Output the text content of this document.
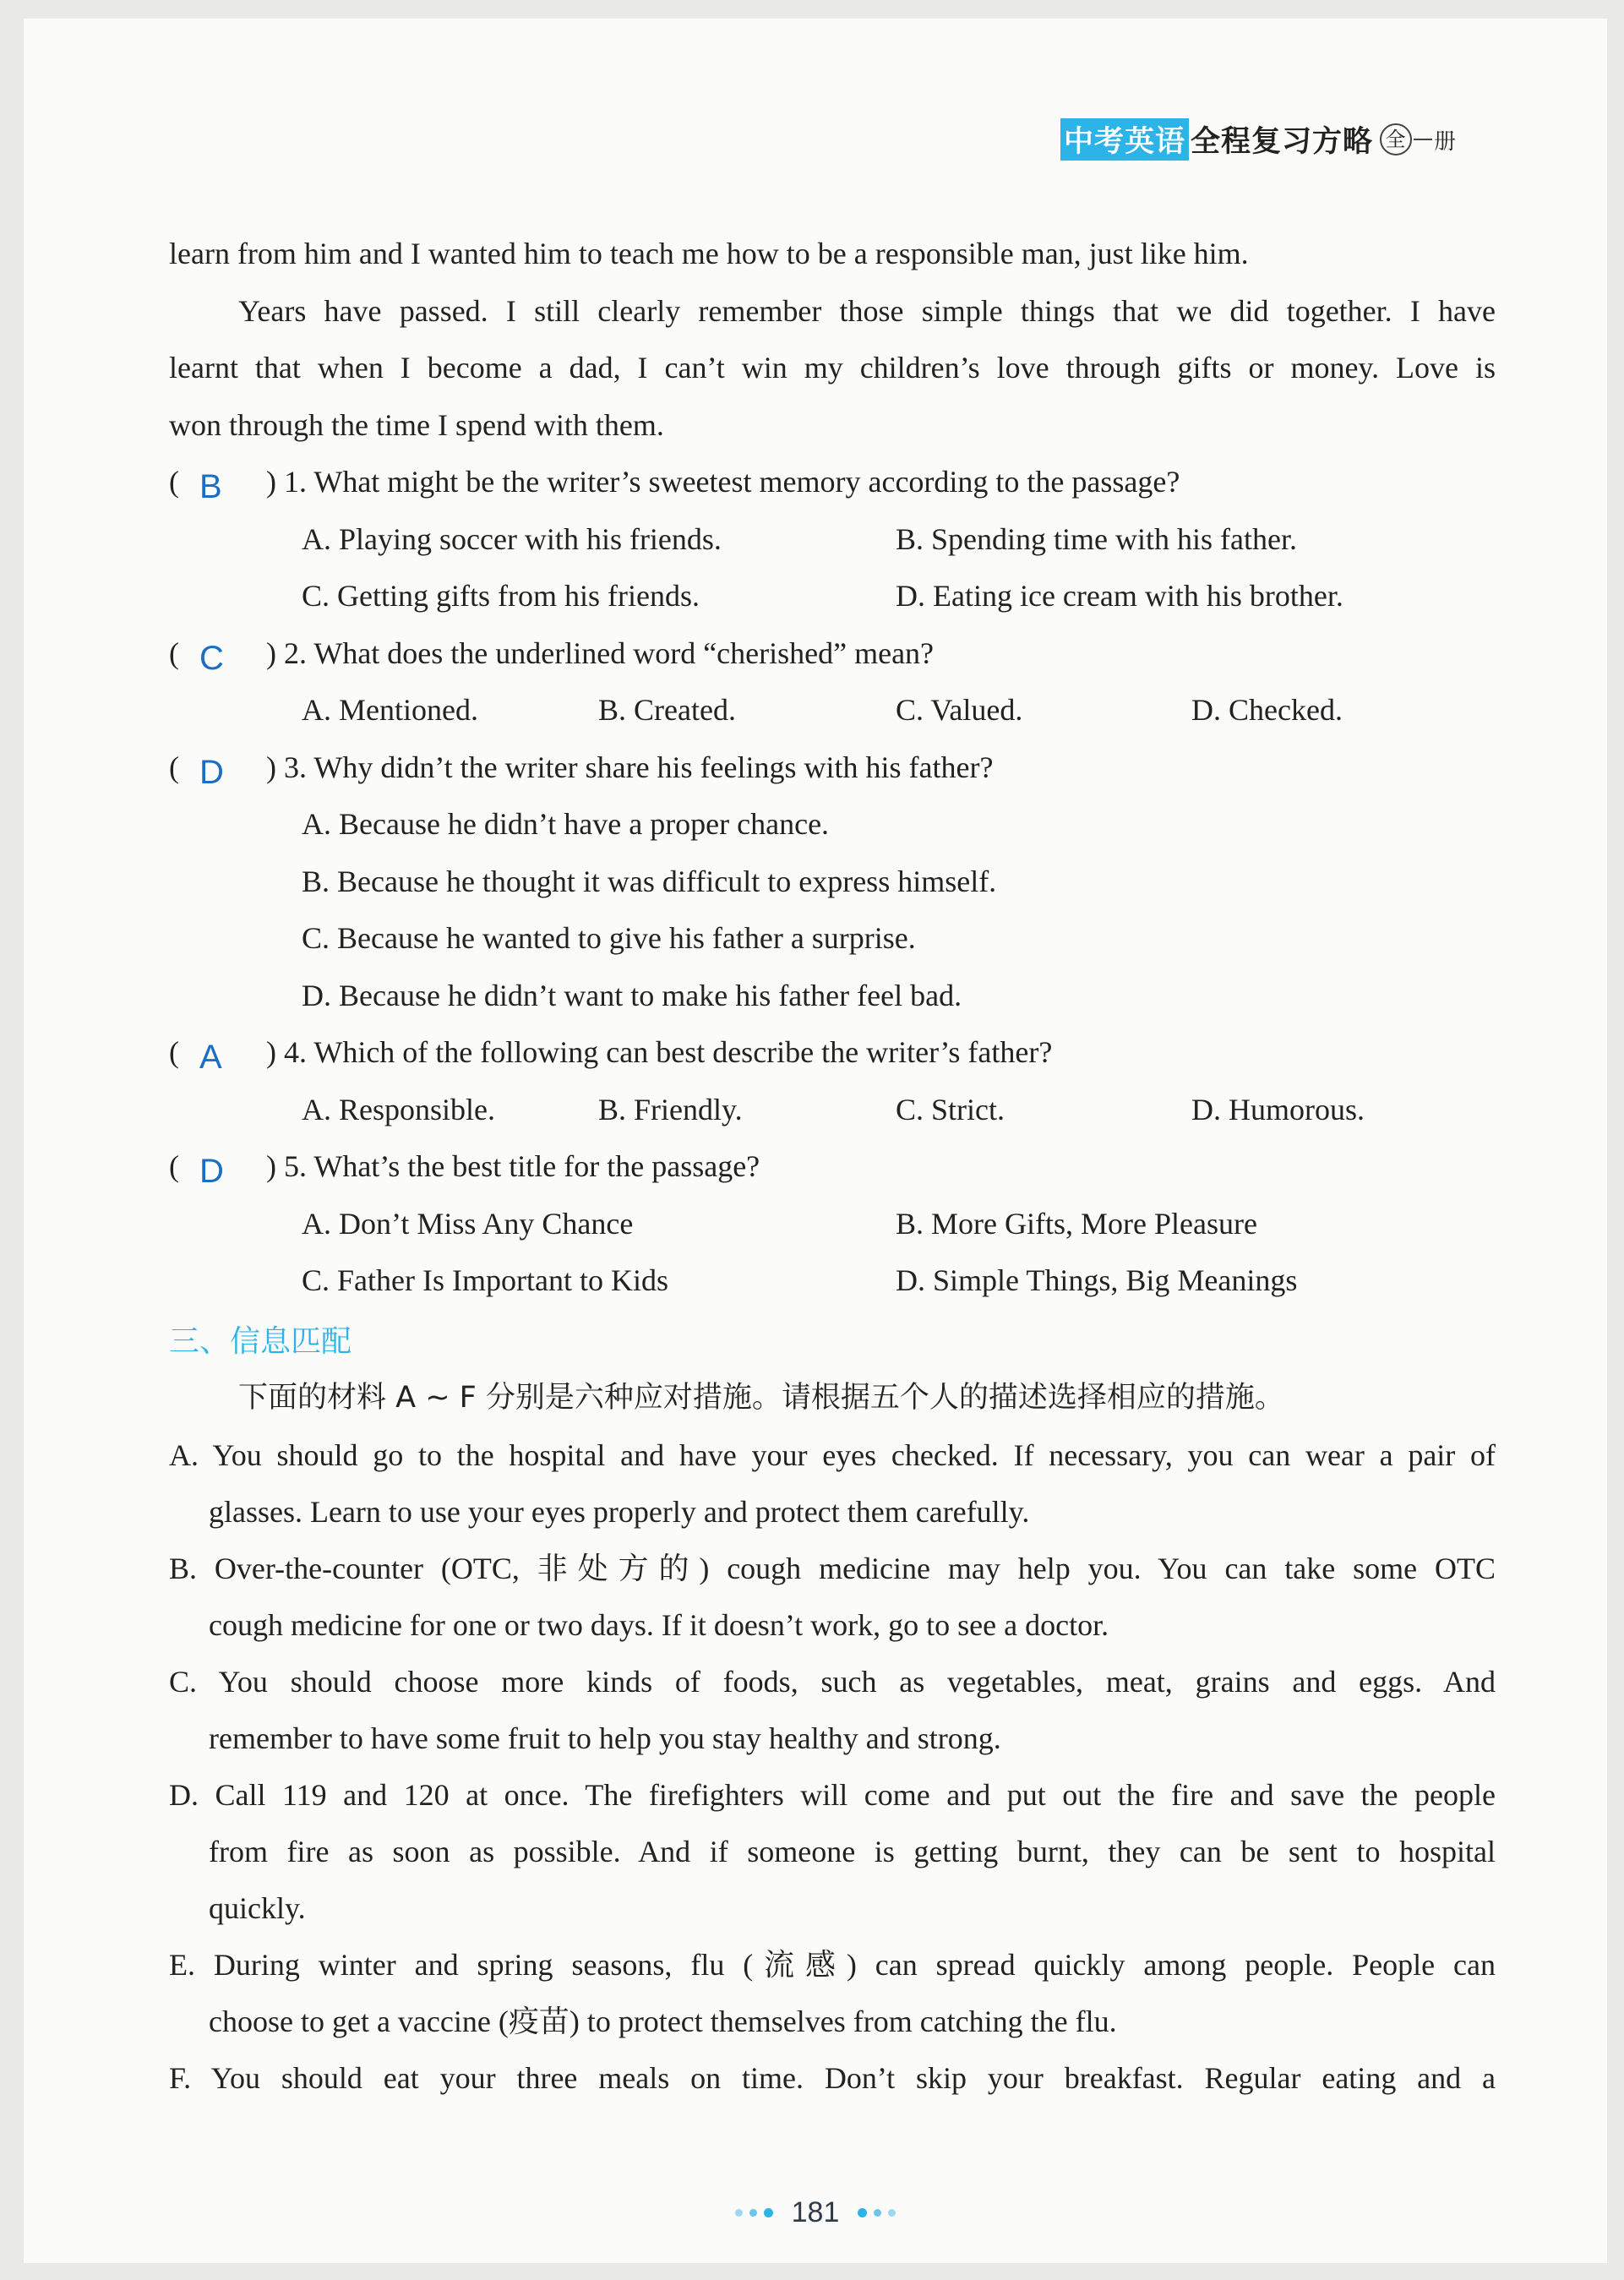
中考英语 全程复习方略 全 册
learn from him and I wanted him to teach me how to be a responsible man, just like him.
Years have passed. I still clearly remember those simple things that we did together. I have
learnt that when I become a dad, I can’t win my children’s love through gifts or money. Love is
won through the time I spend with them.
(	) 1. What might be the writer’s sweetest memory according to the passage?
B
A. Playing soccer with his friends.	B. Spending time with his father.
C. Getting gifts from his friends.	D. Eating ice cream with his brother.
(	) 2. What does the underlined word “cherished” mean?
C
A. Mentioned.	B. Created.	C. Valued.	D. Checked.
(	) 3. Why didn’t the writer share his feelings with his father?
D
A. Because he didn’t have a proper chance.
B. Because he thought it was difficult to express himself.
C. Because he wanted to give his father a surprise.
D. Because he didn’t want to make his father feel bad.
(	) 4. Which of the following can best describe the writer’s father?
A
A. Responsible.	B. Friendly.	C. Strict.	D. Humorous.
(	) 5. What’s the best title for the passage?
D
A. Don’t Miss Any Chance	B. More Gifts, More Pleasure
C. Father Is Important to Kids	D. Simple Things, Big Meanings
三、信息匹配
下面的材料 A ~ F 分别是六种应对措施。请根据五个人的描述选择相应的措施。
A. You should go to the hospital and have your eyes checked. If necessary, you can wear a pair of
glasses. Learn to use your eyes properly and protect them carefully.
B. Over-the-counter (OTC, 非处方的) cough medicine may help you. You can take some OTC
cough medicine for one or two days. If it doesn’t work, go to see a doctor.
C. You should choose more kinds of foods, such as vegetables, meat, grains and eggs. And
remember to have some fruit to help you stay healthy and strong.
D. Call 119 and 120 at once. The firefighters will come and put out the fire and save the people
from fire as soon as possible. And if someone is getting burnt, they can be sent to hospital
quickly.
E. During winter and spring seasons, flu (流感) can spread quickly among people. People can
choose to get a vaccine (疫苗) to protect themselves from catching the flu.
F. You should eat your three meals on time. Don’t skip your breakfast. Regular eating and a
181
